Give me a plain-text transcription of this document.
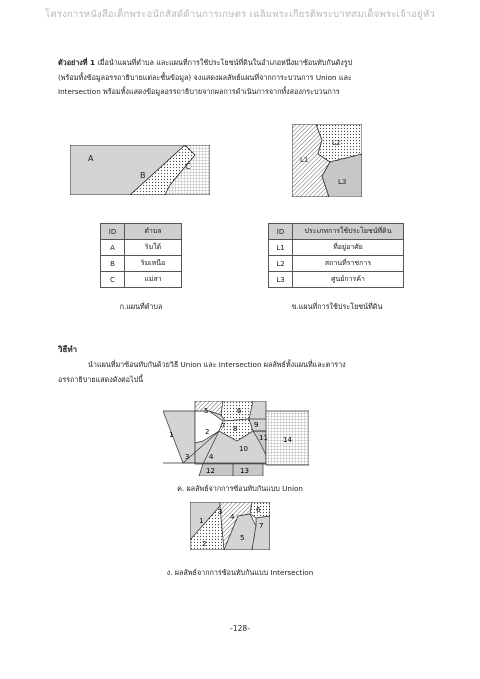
โครงการหนังสือเด็กพระอนักสัสด์ด้านการเกษตร เฉลิมพระเกียรติพระบาทสมเด็จพระเจ้าอยู่หัว
ตัวอย่างที่ 1 เมื่อนำแผนที่ตำบล และแผนที่การใช้ประโยชน์ที่ดินในอำเภอหนึ่งมาซ้อนทับกันดังรูป
(พร้อมทั้งข้อมูลอรรถาธิบายแต่ละชั้นข้อมูล) จงแสดงผลลัพธ์แผนที่จากการะบวนการ Union และ
Intersection พร้อมทั้งแสดงข้อมูลอรรถาธิบายจากผลการดำเนินการจากทั้งสองกระบวนการ
A
B
C
L2
L1
L3
ID	ตำบล
A	ริมใต้
B	ริมเหนือ
C	แม่สา
ID	ประเภทการใช้ประโยชน์ที่ดิน
L1	ที่อยู่อาศัย
L2	สถานที่ราชการ
L3	ศูนย์การค้า
ก.แผนที่ตำบล	ข.แผนที่การใช้ประโยชน์ที่ดิน
วิธีทำ
นำแผนที่มาซ้อนทับกันด้วยวิธี Union และ Intersection ผลลัพธ์ทั้งแผนที่และตาราง
อรรถาธิบายแสดงดังต่อไปนี้
1	2
3	4
5	6
7 8 9
10
11
12	13
14
ค. ผลลัพธ์จากการซ้อนทับกันแบบ Union
1
2
3
4
5
6
7
ง. ผลลัพธ์จากการซ้อนทับกันแบบ Intersection
-128-
